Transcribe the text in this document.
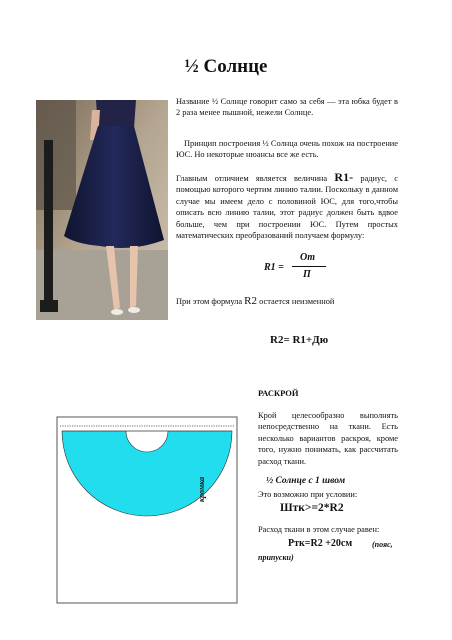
½ Солнце
Название ½ Солнце говорит само за себя — эта юбка будет в 2 раза менее пышной, нежели Солнце.
Принцип построения ½ Солнца очень похож на построение ЮС. Но некоторые нюансы все же есть.
Главным отличием является величина R1- радиус, с помощью которого чертим линию талии. Поскольку в данном случае мы имеем дело с половиной ЮС, для того,чтобы описать всю линию талии, этот радиус должен быть вдвое больше, чем при построении ЮС. Путем простых математических преобразований получаем формулу:
R1 =
От
П
При этом формула R2 остается неизменной
R2= R1+Дю
РАСКРОЙ
Крой целесообразно выполнять непосредственно на ткани. Есть несколько вариантов раскроя, кроме того, нужно понимать, как рассчитать расход ткани.
½ Солнце с 1 швом
Это возможно при условии:
Штк>=2*R2
Расход ткани в этом случае равен:
Ртк=R2 +20см (пояс,
припуски)
кромка
